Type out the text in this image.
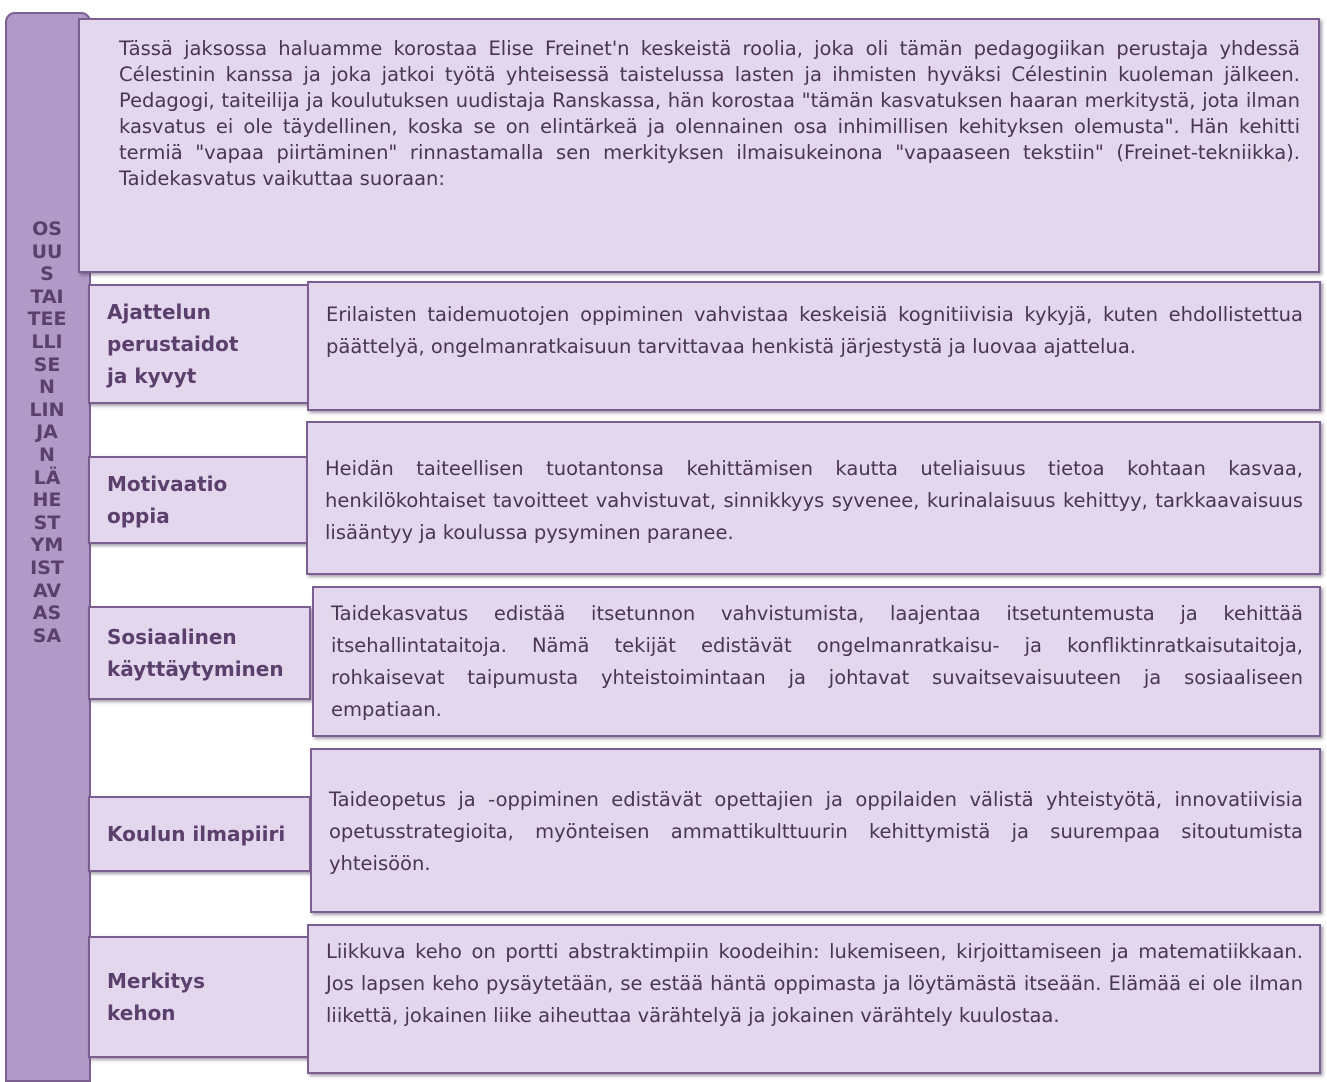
OS
UU
S
TAI
TEE
LLI
SE
N
LIN
JA
N
LÄ
HE
ST
YM
IST
AV
AS
SA
Tässä jaksossa haluamme korostaa Elise Freinet'n keskeistä roolia, joka oli tämän pedagogiikan perustaja yhdessä Célestinin kanssa ja joka jatkoi työtä yhteisessä taistelussa lasten ja ihmisten hyväksi Célestinin kuoleman jälkeen. Pedagogi, taiteilija ja koulutuksen uudistaja Ranskassa, hän korostaa "tämän kasvatuksen haaran merkitystä, jota ilman kasvatus ei ole täydellinen, koska se on elintärkeä ja olennainen osa inhimillisen kehityksen olemusta". Hän kehitti termiä "vapaa piirtäminen" rinnastamalla sen merkityksen ilmaisukeinona "vapaaseen tekstiin" (Freinet-tekniikka). Taidekasvatus vaikuttaa suoraan:
Ajattelun
perustaidot
ja kyvyt
Erilaisten taidemuotojen oppiminen vahvistaa keskeisiä kognitiivisia kykyjä, kuten ehdollistettua päättelyä, ongelmanratkaisuun tarvittavaa henkistä järjestystä ja luovaa ajattelua.
Motivaatio
oppia
Heidän taiteellisen tuotantonsa kehittämisen kautta uteliaisuus tietoa kohtaan kasvaa, henkilökohtaiset tavoitteet vahvistuvat, sinnikkyys syvenee, kurinalaisuus kehittyy, tarkkaavaisuus lisääntyy ja koulussa pysyminen paranee.
Sosiaalinen
käyttäytyminen
Taidekasvatus edistää itsetunnon vahvistumista, laajentaa itsetuntemusta ja kehittää itsehallintataitoja. Nämä tekijät edistävät ongelmanratkaisu- ja konfliktinratkaisutaitoja, rohkaisevat taipumusta yhteistoimintaan ja johtavat suvaitsevaisuuteen ja sosiaaliseen empatiaan.
Koulun ilmapiiri
Taideopetus ja -oppiminen edistävät opettajien ja oppilaiden välistä yhteistyötä, innovatiivisia opetusstrategioita, myönteisen ammattikulttuurin kehittymistä ja suurempaa sitoutumista yhteisöön.
Merkitys
kehon
Liikkuva keho on portti abstraktimpiin koodeihin: lukemiseen, kirjoittamiseen ja matematiikkaan. Jos lapsen keho pysäytetään, se estää häntä oppimasta ja löytämästä itseään. Elämää ei ole ilman liikettä, jokainen liike aiheuttaa värähtelyä ja jokainen värähtely kuulostaa.
